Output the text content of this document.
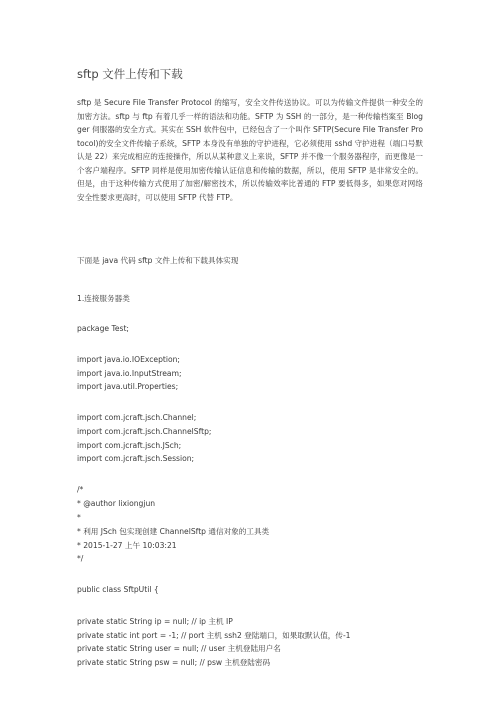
sftp 文件上传和下载
sftp 是 Secure File Transfer Protocol 的缩写，安全文件传送协议。可以为传输文件提供一种安全的加密方法。sftp 与 ftp 有着几乎一样的语法和功能。SFTP 为 SSH 的一部分，是一种传输档案至 Blogger 伺服器的安全方式。其实在 SSH 软件包中，已经包含了一个叫作 SFTP(Secure File Transfer Protocol)的安全文件传输子系统，SFTP 本身没有单独的守护进程，它必须使用 sshd 守护进程（端口号默认是 22）来完成相应的连接操作，所以从某种意义上来说，SFTP 并不像一个服务器程序，而更像是一个客户端程序。SFTP 同样是使用加密传输认证信息和传输的数据，所以，使用 SFTP 是非常安全的。但是，由于这种传输方式使用了加密/解密技术，所以传输效率比普通的 FTP 要低得多，如果您对网络安全性要求更高时，可以使用 SFTP 代替 FTP。
下面是 java 代码 sftp 文件上传和下载具体实现
1.连接服务器类
package Test;
import java.io.IOException;
import java.io.InputStream;
import java.util.Properties;
import com.jcraft.jsch.Channel;
import com.jcraft.jsch.ChannelSftp;
import com.jcraft.jsch.JSch;
import com.jcraft.jsch.Session;
/*
* @author lixiongjun
*
* 利用 JSch 包实现创建 ChannelSftp 通信对象的工具类
* 2015-1-27 上午 10:03:21
*/
public class SftpUtil {
private static String ip = null; // ip 主机 IP
private static int port = -1; // port 主机 ssh2 登陆端口，如果取默认值，传-1
private static String user = null; // user 主机登陆用户名
private static String psw = null; // psw 主机登陆密码
